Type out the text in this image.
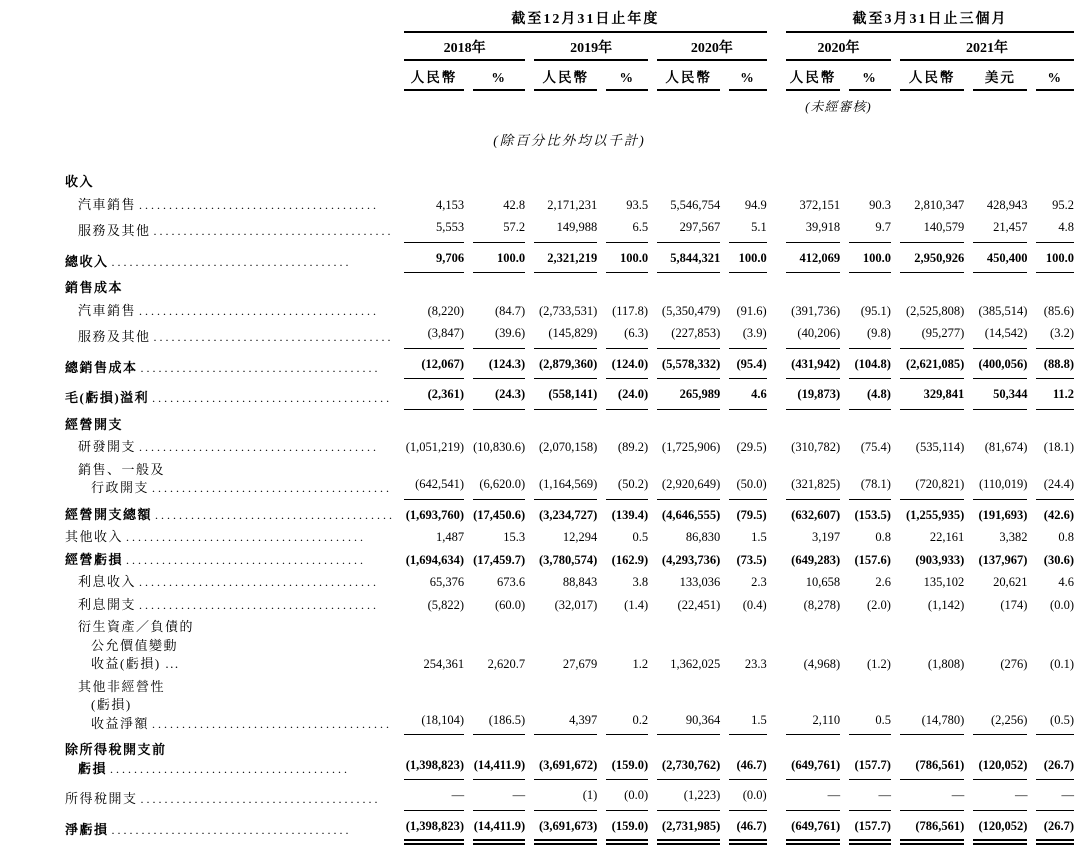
	截至12月31日止年度							截至3月31日止三個月				
	2018年		2019年		2020年			2020年		2021年		
	人民幣	%	人民幣	%	人民幣	%		人民幣	%	人民幣	美元	%
								(未經審核)				
(除百分比外均以千計)												

收入												

汽車銷售 ........................................	4,153	42.8	2,171,231	93.5	5,546,754	94.9		372,151	90.3	2,810,347	428,943	95.2

服務及其他 ........................................	5,553	57.2	149,988	6.5	297,567	5.1		39,918	9.7	140,579	21,457	4.8

總收入 ........................................	9,706	100.0	2,321,219	100.0	5,844,321	100.0		412,069	100.0	2,950,926	450,400	100.0

銷售成本												

汽車銷售 ........................................	(8,220)	(84.7)	(2,733,531)	(117.8)	(5,350,479)	(91.6)		(391,736)	(95.1)	(2,525,808)	(385,514)	(85.6)

服務及其他 ........................................	(3,847)	(39.6)	(145,829)	(6.3)	(227,853)	(3.9)		(40,206)	(9.8)	(95,277)	(14,542)	(3.2)

總銷售成本 ........................................	(12,067)	(124.3)	(2,879,360)	(124.0)	(5,578,332)	(95.4)		(431,942)	(104.8)	(2,621,085)	(400,056)	(88.8)

毛(虧損)溢利 ........................................	(2,361)	(24.3)	(558,141)	(24.0)	265,989	4.6		(19,873)	(4.8)	329,841	50,344	11.2

經營開支												

研發開支 ........................................	(1,051,219)	(10,830.6)	(2,070,158)	(89.2)	(1,725,906)	(29.5)		(310,782)	(75.4)	(535,114)	(81,674)	(18.1)

銷售、一般及
行政開支 ........................................	(642,541)	(6,620.0)	(1,164,569)	(50.2)	(2,920,649)	(50.0)		(321,825)	(78.1)	(720,821)	(110,019)	(24.4)

經營開支總額 ........................................	(1,693,760)	(17,450.6)	(3,234,727)	(139.4)	(4,646,555)	(79.5)		(632,607)	(153.5)	(1,255,935)	(191,693)	(42.6)

其他收入 ........................................	1,487	15.3	12,294	0.5	86,830	1.5		3,197	0.8	22,161	3,382	0.8

經營虧損 ........................................	(1,694,634)	(17,459.7)	(3,780,574)	(162.9)	(4,293,736)	(73.5)		(649,283)	(157.6)	(903,933)	(137,967)	(30.6)

利息收入 ........................................	65,376	673.6	88,843	3.8	133,036	2.3		10,658	2.6	135,102	20,621	4.6

利息開支 ........................................	(5,822)	(60.0)	(32,017)	(1.4)	(22,451)	(0.4)		(8,278)	(2.0)	(1,142)	(174)	(0.0)

衍生資產／負債的
公允價值變動
收益(虧損) ...	254,361	2,620.7	27,679	1.2	1,362,025	23.3		(4,968)	(1.2)	(1,808)	(276)	(0.1)

其他非經營性
(虧損)
收益淨額 ........................................	(18,104)	(186.5)	4,397	0.2	90,364	1.5		2,110	0.5	(14,780)	(2,256)	(0.5)

除所得稅開支前
虧損 ........................................	(1,398,823)	(14,411.9)	(3,691,672)	(159.0)	(2,730,762)	(46.7)		(649,761)	(157.7)	(786,561)	(120,052)	(26.7)

所得稅開支 ........................................	—	—	(1)	(0.0)	(1,223)	(0.0)		—	—	—	—	—

淨虧損 ........................................	(1,398,823)	(14,411.9)	(3,691,673)	(159.0)	(2,731,985)	(46.7)		(649,761)	(157.7)	(786,561)	(120,052)	(26.7)
